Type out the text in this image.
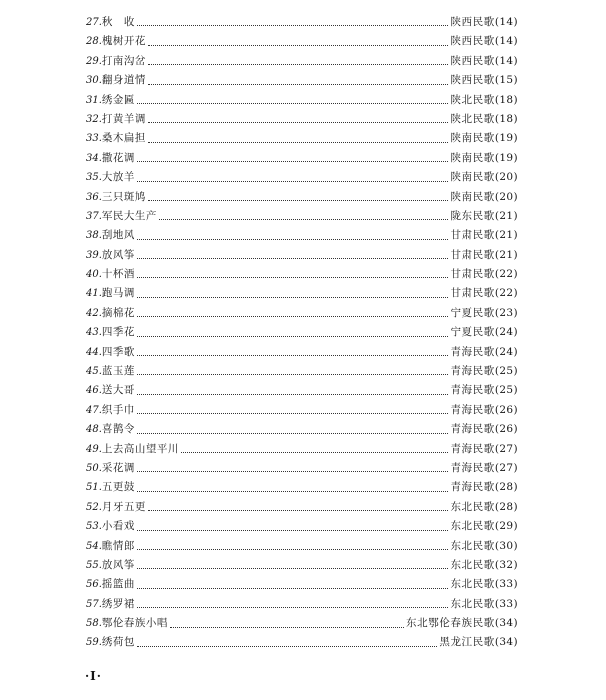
27. 秋　收	陕西民歌 (14)
28. 槐树开花	陕西民歌 (14)
29. 打南沟岔	陕西民歌 (14)
30. 翻身道情	陕西民歌 (15)
31. 绣金匾	陕北民歌 (18)
32. 打黄羊调	陕北民歌 (18)
33. 桑木扁担	陕南民歌 (19)
34. 撒花调	陕南民歌 (19)
35. 大放羊	陕南民歌 (20)
36. 三只斑鸠	陕南民歌 (20)
37. 军民大生产	陇东民歌 (21)
38. 刮地风	甘肃民歌 (21)
39. 放风筝	甘肃民歌 (21)
40. 十杯酒	甘肃民歌 (22)
41. 跑马调	甘肃民歌 (22)
42. 摘棉花	宁夏民歌 (23)
43. 四季花	宁夏民歌 (24)
44. 四季歌	青海民歌 (24)
45. 蓝玉莲	青海民歌 (25)
46. 送大哥	青海民歌 (25)
47. 织手巾	青海民歌 (26)
48. 喜鹊令	青海民歌 (26)
49. 上去高山望平川	青海民歌 (27)
50. 采花调	青海民歌 (27)
51. 五更鼓	青海民歌 (28)
52. 月牙五更	东北民歌 (28)
53. 小看戏	东北民歌 (29)
54. 瞧情郎	东北民歌 (30)
55. 放风筝	东北民歌 (32)
56. 摇篮曲	东北民歌 (33)
57. 绣罗裙	东北民歌 (33)
58. 鄂伦春族小唱	东北鄂伦春族民歌 (34)
59. 绣荷包	黑龙江民歌 (34)
·I·
